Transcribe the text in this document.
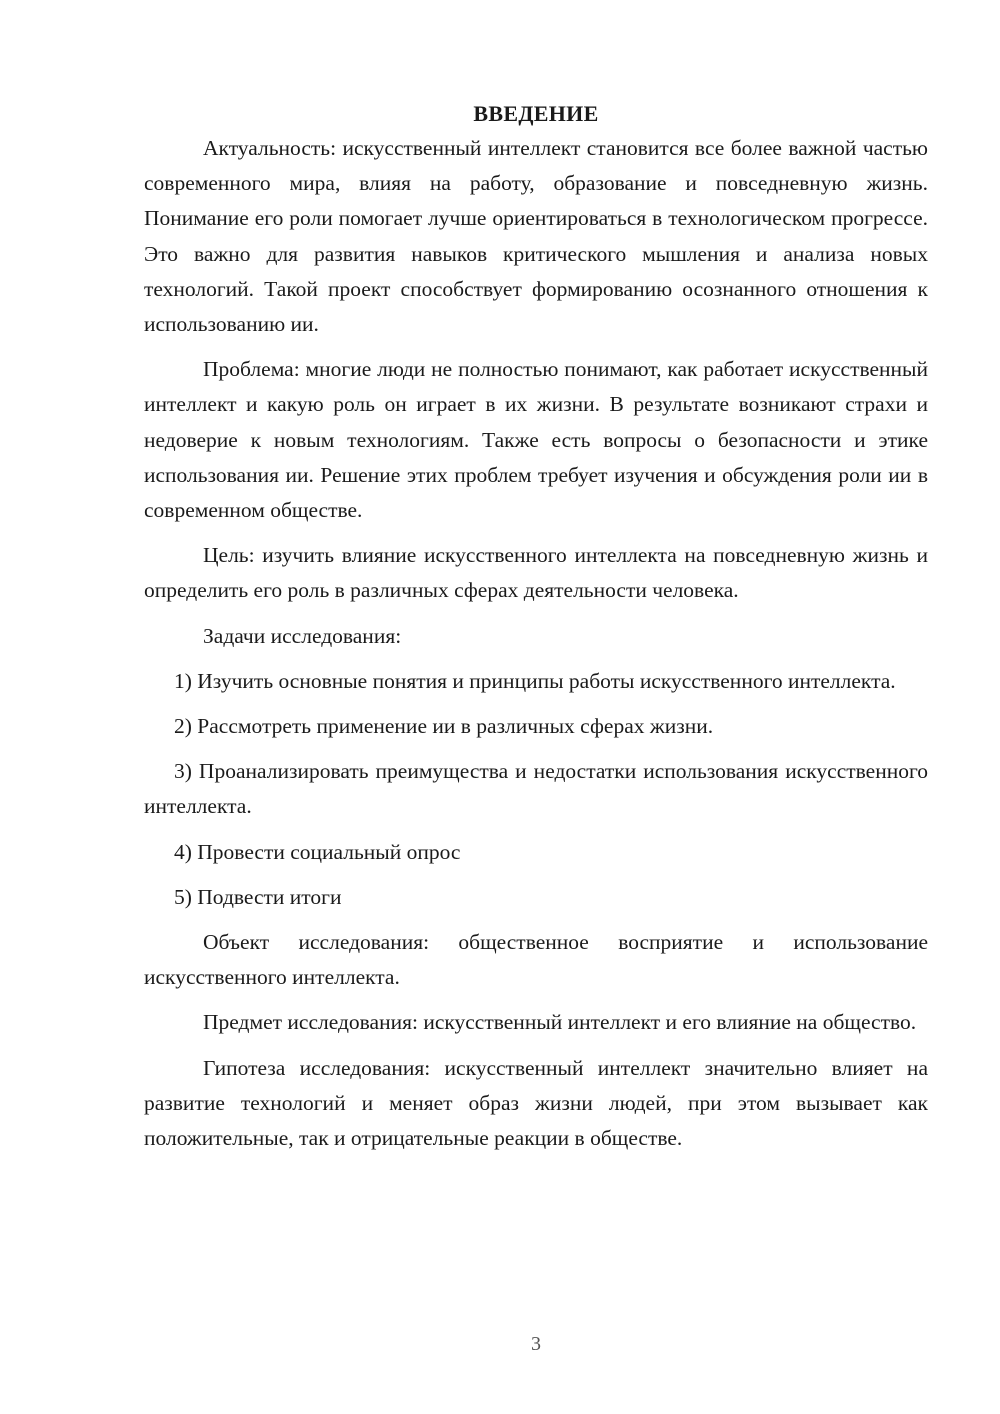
ВВЕДЕНИЕ

Актуальность: искусственный интеллект становится все более важной частью современного мира, влияя на работу, образование и повседневную жизнь. Понимание его роли помогает лучше ориентироваться в технологическом прогрессе. Это важно для развития навыков критического мышления и анализа новых технологий. Такой проект способствует формированию осознанного отношения к использованию ии.

Проблема: многие люди не полностью понимают, как работает искусственный интеллект и какую роль он играет в их жизни. В результате возникают страхи и недоверие к новым технологиям. Также есть вопросы о безопасности и этике использования ии. Решение этих проблем требует изучения и обсуждения роли ии в современном обществе.

Цель: изучить влияние искусственного интеллекта на повседневную жизнь и определить его роль в различных сферах деятельности человека.

Задачи исследования:

1) Изучить основные понятия и принципы работы искусственного интеллекта.

2) Рассмотреть применение ии в различных сферах жизни.

3) Проанализировать преимущества и недостатки использования искусственного интеллекта.

4) Провести социальный опрос

5) Подвести итоги

Объект исследования: общественное восприятие и использование искусственного интеллекта.

Предмет исследования: искусственный интеллект и его влияние на общество.

Гипотеза исследования: искусственный интеллект значительно влияет на развитие технологий и меняет образ жизни людей, при этом вызывает как положительные, так и отрицательные реакции в обществе.

3
